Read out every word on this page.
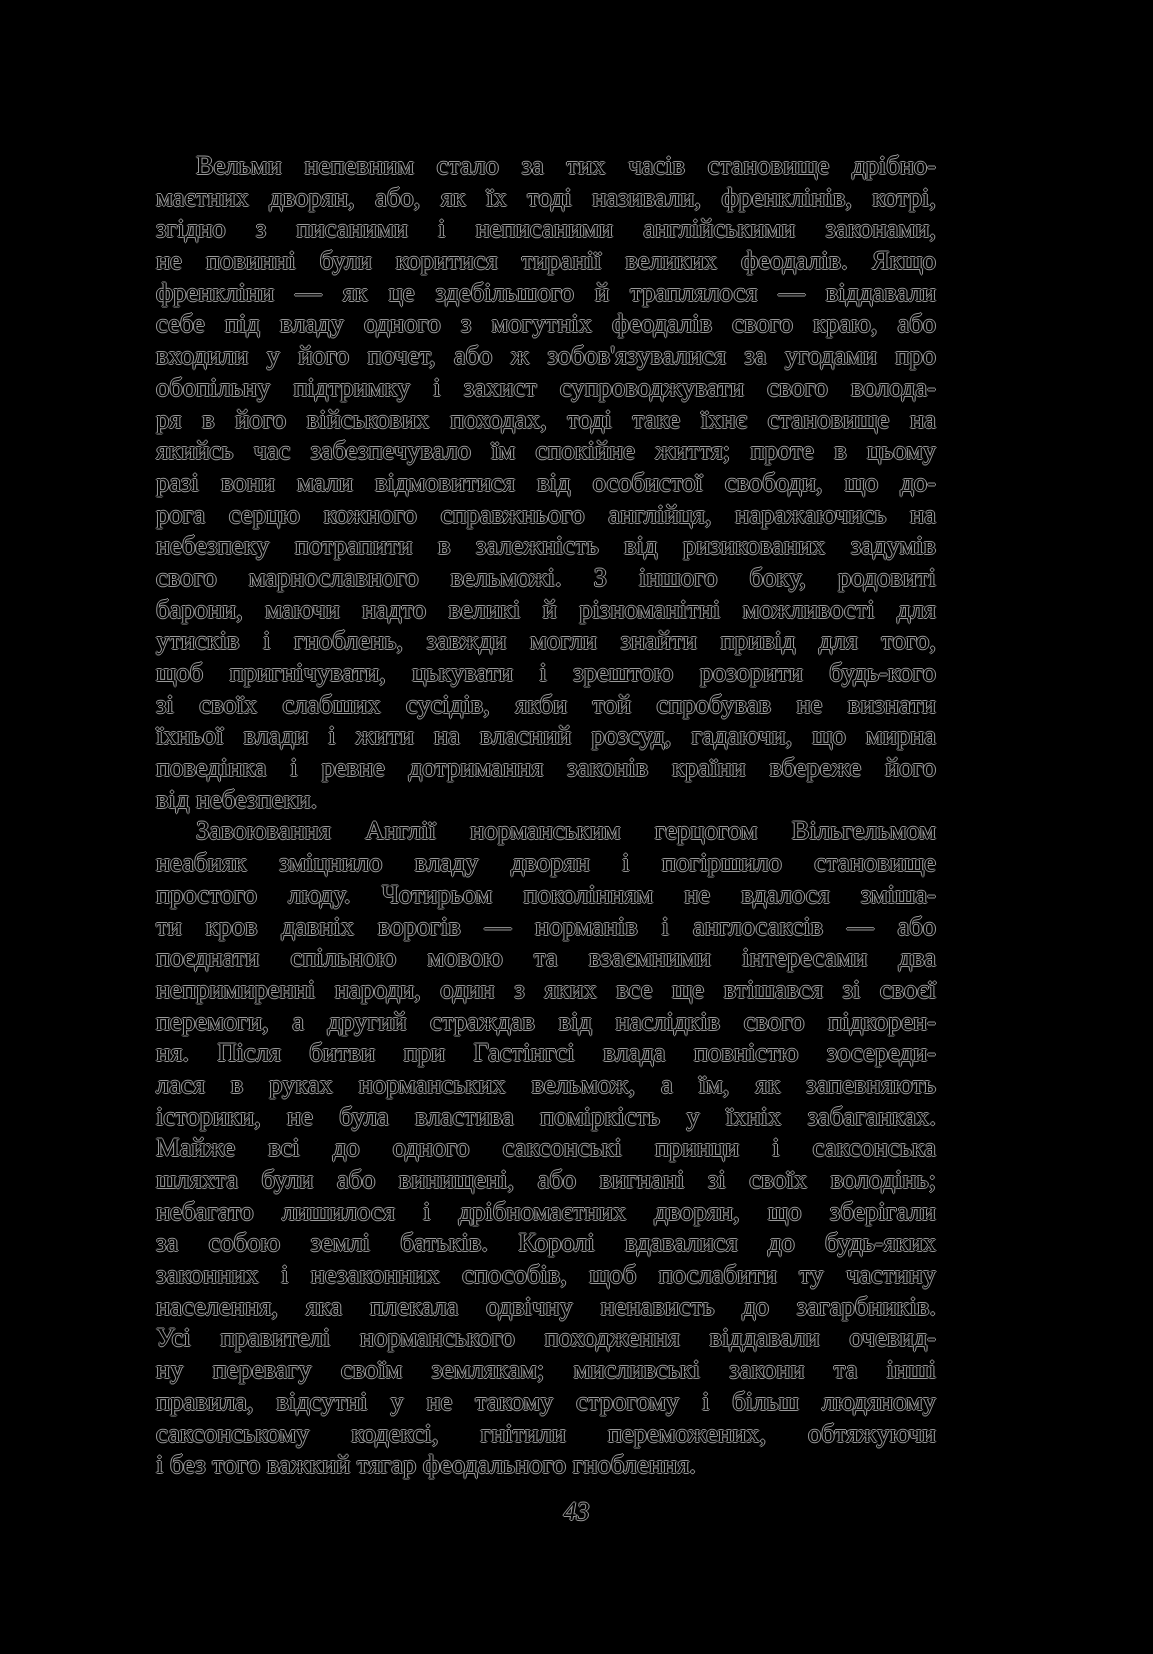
Вельми непевним стало за тих часів становище дрібно-
маєтних дворян, або, як їх тоді називали, френклінів, котрі,
згідно з писаними і неписаними англійськими законами,
не повинні були коритися тиранії великих феодалів. Якщо
френкліни — як це здебільшого й траплялося — віддавали
себе під владу одного з могутніх феодалів свого краю, або
входили у його почет, або ж зобов'язувалися за угодами про
обопільну підтримку і захист супроводжувати свого волода-
ря в його військових походах, тоді таке їхнє становище на
якийсь час забезпечувало їм спокійне життя; проте в цьому
разі вони мали відмовитися від особистої свободи, що до-
рога серцю кожного справжнього англійця, наражаючись на
небезпеку потрапити в залежність від ризикованих задумів
свого марнославного вельможі. З іншого боку, родовиті
барони, маючи надто великі й різноманітні можливості для
утисків і гноблень, завжди могли знайти привід для того,
щоб пригнічувати, цькувати і зрештою розорити будь-кого
зі своїх слабших сусідів, якби той спробував не визнати
їхньої влади і жити на власний розсуд, гадаючи, що мирна
поведінка і ревне дотримання законів країни вбереже його
від небезпеки.
Завоювання Англії норманським герцогом Вільгельмом
неабияк зміцнило владу дворян і погіршило становище
простого люду. Чотирьом поколінням не вдалося зміша-
ти кров давніх ворогів — норманів і англосаксів — або
поєднати спільною мовою та взаємними інтересами два
непримиренні народи, один з яких все ще втішався зі своєї
перемоги, а другий страждав від наслідків свого підкорен-
ня. Після битви при Гастінгсі влада повністю зосереди-
лася в руках норманських вельмож, а їм, як запевняють
історики, не була властива поміркість у їхніх забаганках.
Майже всі до одного саксонські принци і саксонська
шляхта були або винищені, або вигнані зі своїх володінь;
небагато лишилося і дрібномаєтних дворян, що зберігали
за собою землі батьків. Королі вдавалися до будь-яких
законних і незаконних способів, щоб послабити ту частину
населення, яка плекала одвічну ненависть до загарбників.
Усі правителі норманського походження віддавали очевид-
ну перевагу своїм землякам; мисливські закони та інші
правила, відсутні у не такому строгому і більш людяному
саксонському кодексі, гнітили переможених, обтяжуючи
і без того важкий тягар феодального гноблення.
43
